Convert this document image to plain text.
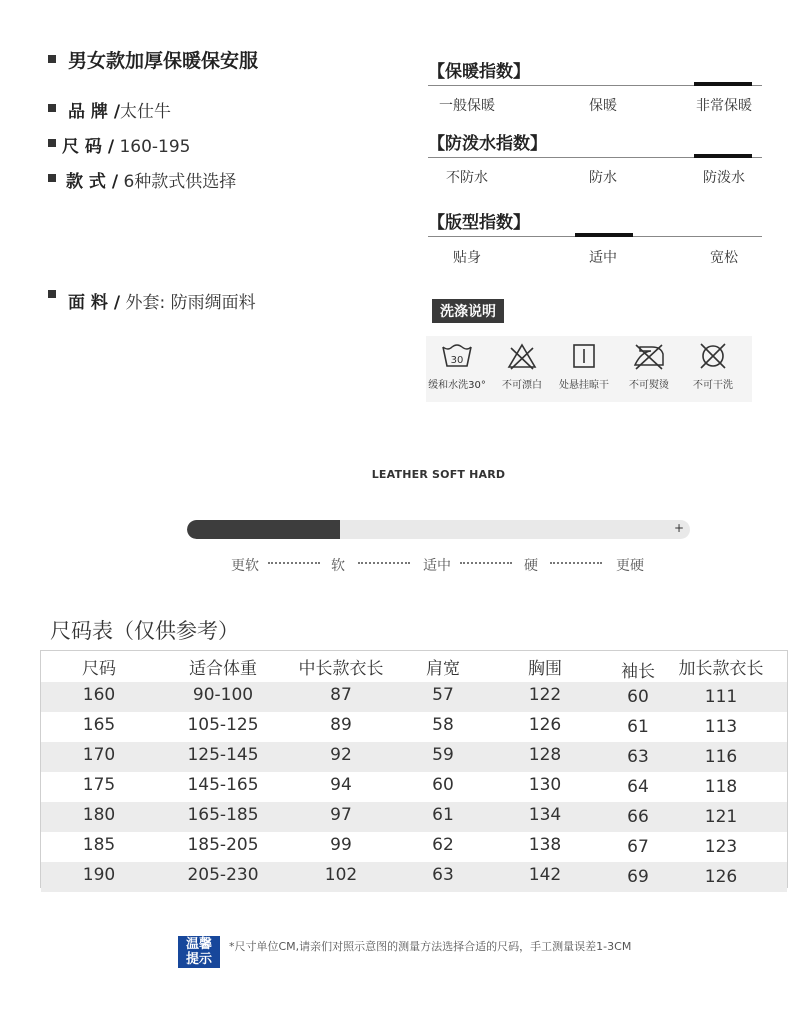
男女款加厚保暖保安服
品 牌 /太仕牛
尺 码 / 160-195
款 式 / 6种款式供选择
面 料 / 外套: 防雨绸面料
【保暖指数】
一般保暖	保暖	非常保暖
【防泼水指数】
不防水	防水	防泼水
【版型指数】
贴身	适中	宽松
洗涤说明
30
缓和水洗30°	不可漂白	处悬挂晾干	不可熨烫	不可干洗
LEATHER SOFT HARD
+
更软	软	适中	硬	更硬
尺码表（仅供参考）
尺码	适合体重	中长款衣长	肩宽	胸围	袖长	加长款衣长
160	90-100	87	57	122	60	111
165	105-125	89	58	126	61	113
170	125-145	92	59	128	63	116
175	145-165	94	60	130	64	118
180	165-185	97	61	134	66	121
185	185-205	99	62	138	67	123
190	205-230	102	63	142	69	126
温馨
提示
*尺寸单位CM,请亲们对照示意图的测量方法选择合适的尺码，手工测量误差1-3CM
